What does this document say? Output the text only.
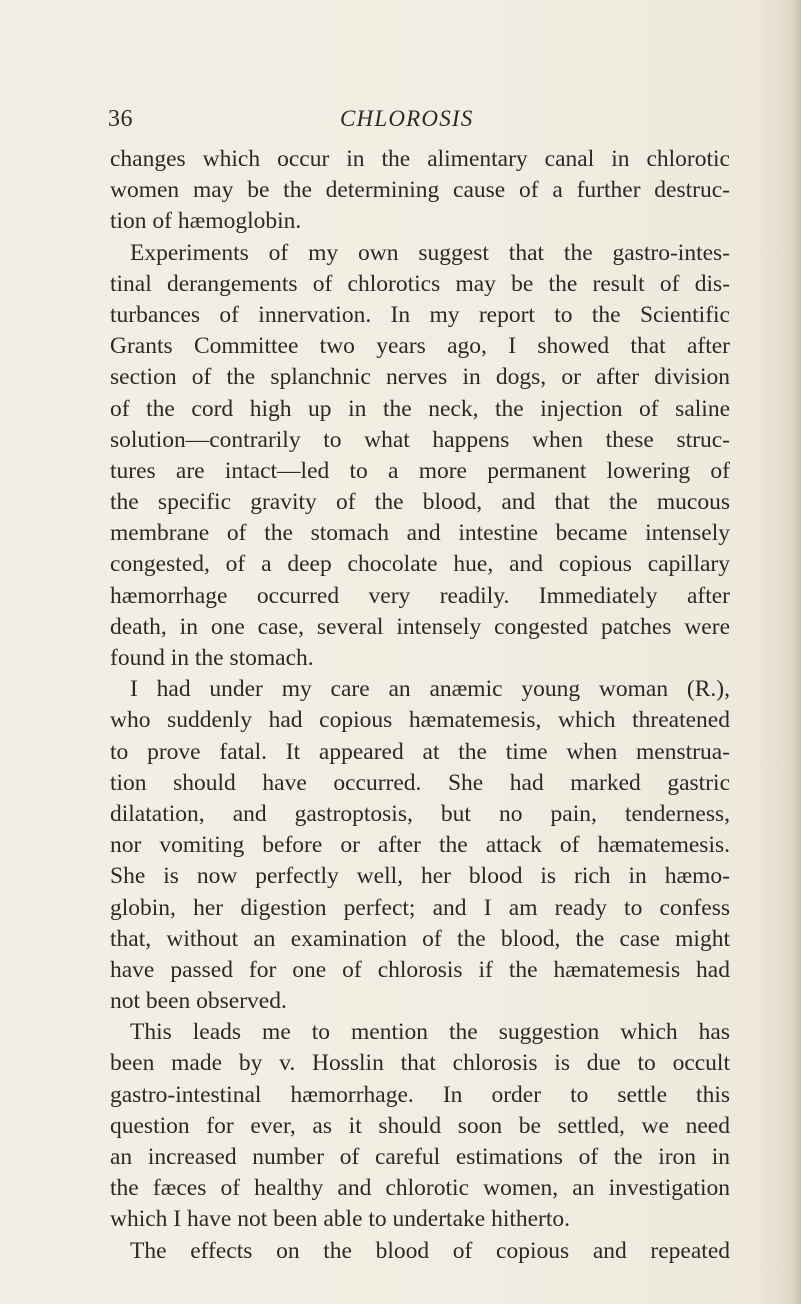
36	CHLOROSIS
changes which occur in the alimentary canal in chlorotic
women may be the determining cause of a further destruc-
tion of hæmoglobin.
Experiments of my own suggest that the gastro-intes-
tinal derangements of chlorotics may be the result of dis-
turbances of innervation. In my report to the Scientific
Grants Committee two years ago, I showed that after
section of the splanchnic nerves in dogs, or after division
of the cord high up in the neck, the injection of saline
solution—contrarily to what happens when these struc-
tures are intact—led to a more permanent lowering of
the specific gravity of the blood, and that the mucous
membrane of the stomach and intestine became intensely
congested, of a deep chocolate hue, and copious capillary
hæmorrhage occurred very readily. Immediately after
death, in one case, several intensely congested patches were
found in the stomach.
I had under my care an anæmic young woman (R.),
who suddenly had copious hæmatemesis, which threatened
to prove fatal. It appeared at the time when menstrua-
tion should have occurred. She had marked gastric
dilatation, and gastroptosis, but no pain, tenderness,
nor vomiting before or after the attack of hæmatemesis.
She is now perfectly well, her blood is rich in hæmo-
globin, her digestion perfect; and I am ready to confess
that, without an examination of the blood, the case might
have passed for one of chlorosis if the hæmatemesis had
not been observed.
This leads me to mention the suggestion which has
been made by v. Hosslin that chlorosis is due to occult
gastro-intestinal hæmorrhage. In order to settle this
question for ever, as it should soon be settled, we need
an increased number of careful estimations of the iron in
the fæces of healthy and chlorotic women, an investigation
which I have not been able to undertake hitherto.
The effects on the blood of copious and repeated
